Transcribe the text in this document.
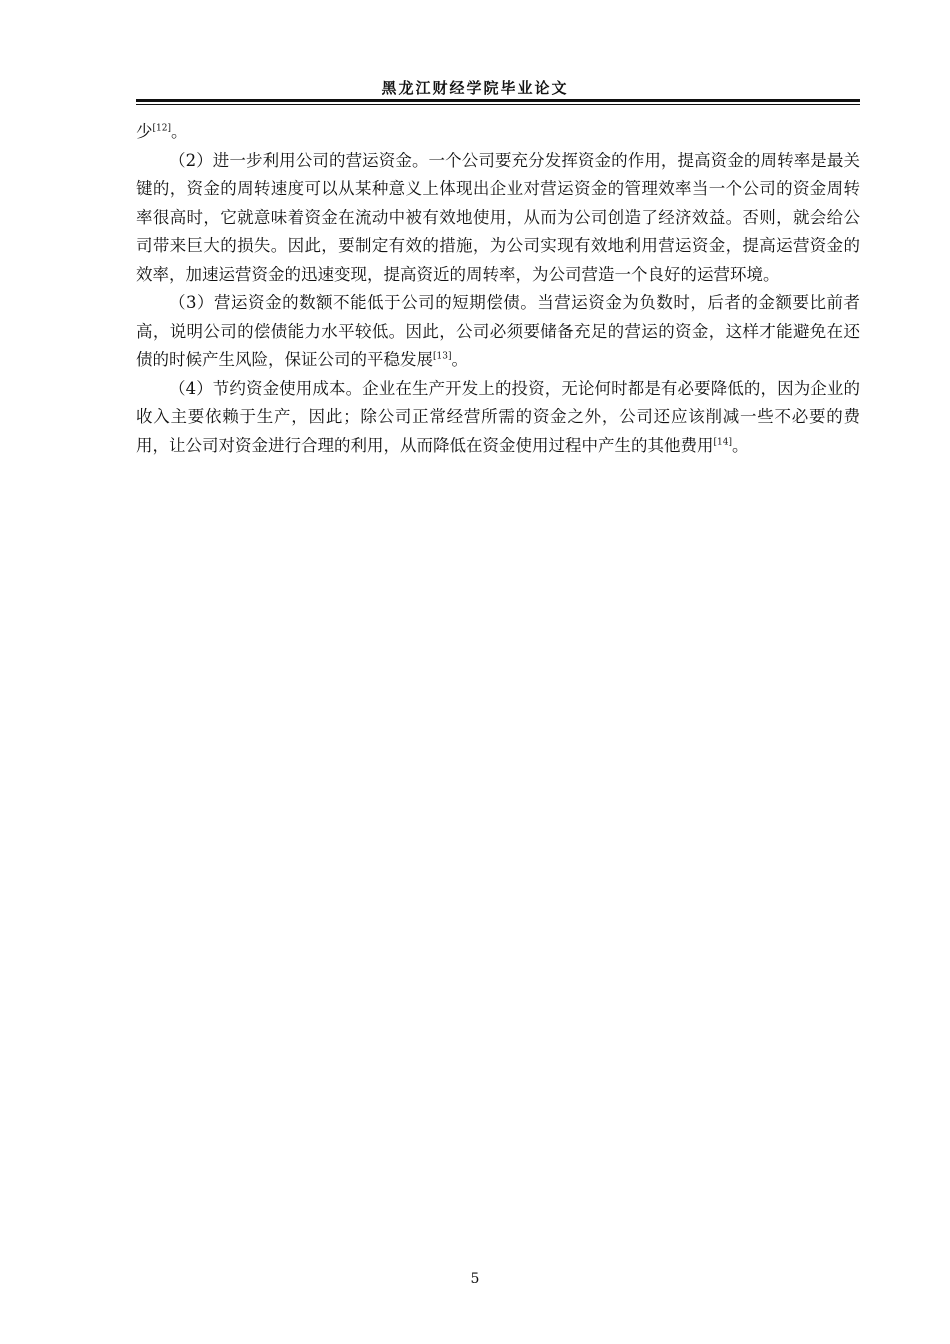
黑龙江财经学院毕业论文

少[12]。

（2）进一步利用公司的营运资金。一个公司要充分发挥资金的作用，提高资金的周转率是最关键的，资金的周转速度可以从某种意义上体现出企业对营运资金的管理效率当一个公司的资金周转率很高时，它就意味着资金在流动中被有效地使用，从而为公司创造了经济效益。否则，就会给公司带来巨大的损失。因此，要制定有效的措施，为公司实现有效地利用营运资金，提高运营资金的效率，加速运营资金的迅速变现，提高资近的周转率，为公司营造一个良好的运营环境。

（3）营运资金的数额不能低于公司的短期偿债。当营运资金为负数时，后者的金额要比前者高，说明公司的偿债能力水平较低。因此，公司必须要储备充足的营运的资金，这样才能避免在还债的时候产生风险，保证公司的平稳发展[13]。

（4）节约资金使用成本。企业在生产开发上的投资，无论何时都是有必要降低的，因为企业的收入主要依赖于生产，因此；除公司正常经营所需的资金之外，公司还应该削减一些不必要的费用，让公司对资金进行合理的利用，从而降低在资金使用过程中产生的其他费用[14]。

5
